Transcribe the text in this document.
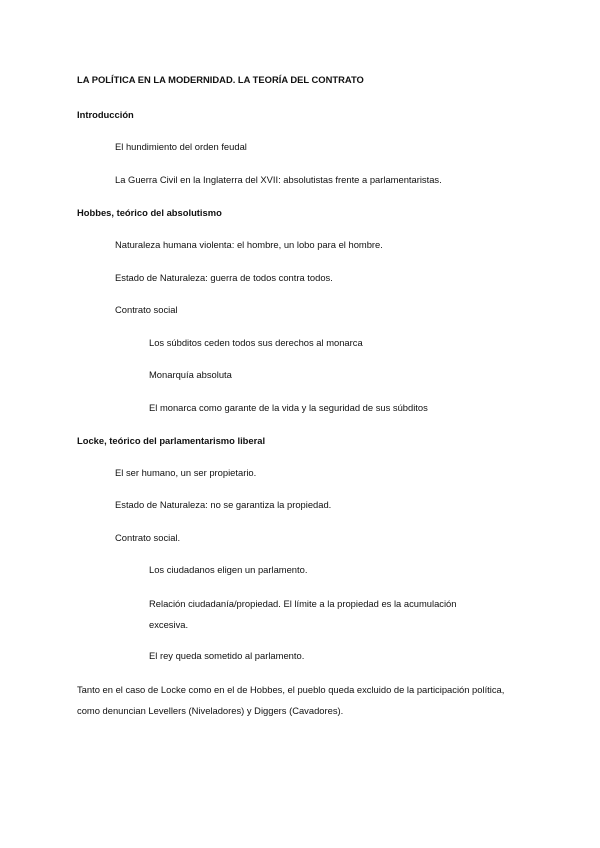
LA POLÍTICA EN LA MODERNIDAD. LA TEORÍA DEL CONTRATO
Introducción
El hundimiento del orden feudal
La Guerra Civil en la Inglaterra del XVII: absolutistas frente a parlamentaristas.
Hobbes, teórico del absolutismo
Naturaleza humana violenta: el hombre, un lobo para el hombre.
Estado de Naturaleza: guerra de todos contra todos.
Contrato social
Los súbditos ceden todos sus derechos al monarca
Monarquía absoluta
El monarca como garante de la vida y la seguridad de sus súbditos
Locke, teórico del parlamentarismo liberal
El ser humano, un ser propietario.
Estado de Naturaleza: no se garantiza la propiedad.
Contrato social.
Los ciudadanos eligen un parlamento.
Relación ciudadanía/propiedad. El límite a la propiedad es la acumulación excesiva.
El rey queda sometido al parlamento.
Tanto en el caso de Locke como en el de Hobbes, el pueblo queda excluido de la participación política, como denuncian Levellers (Niveladores) y Diggers (Cavadores).
